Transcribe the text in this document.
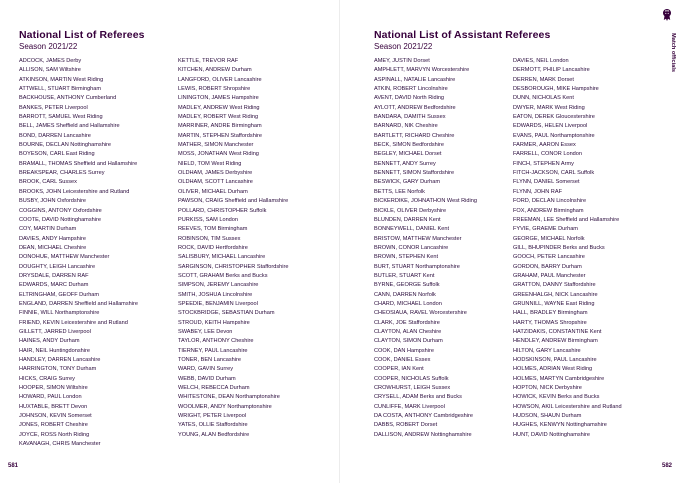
National List of Referees
Season 2021/22
ADCOCK, JAMES Derby
ALLISON, SAM Wiltshire
ATKINSON, MARTIN West Riding
ATTWELL, STUART Birmingham
BACKHOUSE, ANTHONY Cumberland
BANKES, PETER Liverpool
BARROTT, SAMUEL West Riding
BELL, JAMES Sheffield and Hallamshire
BOND, DARREN Lancashire
BOURNE, DECLAN Nottinghamshire
BOYESON, CARL East Riding
BRAMALL, THOMAS Sheffield and Hallamshire
BREAKSPEAR, CHARLES Surrey
BROOK, CARL Sussex
BROOKS, JOHN Leicestershire and Rutland
BUSBY, JOHN Oxfordshire
COGGINS, ANTONY Oxfordshire
COOTE, DAVID Nottinghamshire
COY, MARTIN Durham
DAVIES, ANDY Hampshire
DEAN, MICHAEL Cheshire
DONOHUE, MATTHEW Manchester
DOUGHTY, LEIGH Lancashire
DRYSDALE, DARREN RAF
EDWARDS, MARC Durham
ELTRINGHAM, GEOFF Durham
ENGLAND, DARREN Sheffield and Hallamshire
FINNIE, WILL Northamptonshire
FRIEND, KEVIN Leicestershire and Rutland
GILLETT, JARRED Liverpool
HAINES, ANDY Durham
HAIR, NEIL Huntingdonshire
HANDLEY, DARREN Lancashire
HARRINGTON, TONY Durham
HICKS, CRAIG Surrey
HOOPER, SIMON Wiltshire
HOWARD, PAUL London
HUXTABLE, BRETT Devon
JOHNSON, KEVIN Somerset
JONES, ROBERT Cheshire
JOYCE, ROSS North Riding
KAVANAGH, CHRIS Manchester
KETTLE, TREVOR RAF
KITCHEN, ANDREW Durham
LANGFORD, OLIVER Lancashire
LEWIS, ROBERT Shropshire
LININGTON, JAMES Hampshire
MADLEY, ANDREW West Riding
MADLEY, ROBERT West Riding
MARRINER, ANDRE Birmingham
MARTIN, STEPHEN Staffordshire
MATHER, SIMON Manchester
MOSS, JONATHAN West Riding
NIELD, TOM West Riding
OLDHAM, JAMES Derbyshire
OLDHAM, SCOTT Lancashire
OLIVER, MICHAEL Durham
PAWSON, CRAIG Sheffield and Hallamshire
POLLARD, CHRISTOPHER Suffolk
PURKISS, SAM London
REEVES, TOM Birmingham
ROBINSON, TIM Sussex
ROCK, DAVID Hertfordshire
SALISBURY, MICHAEL Lancashire
SARGINSON, CHRISTOPHER Staffordshire
SCOTT, GRAHAM Berks and Bucks
SIMPSON, JEREMY Lancashire
SMITH, JOSHUA Lincolnshire
SPEEDIE, BENJAMIN Liverpool
STOCKBRIDGE, SEBASTIAN Durham
STROUD, KEITH Hampshire
SWABEY, LEE Devon
TAYLOR, ANTHONY Cheshire
TIERNEY, PAUL Lancashire
TONER, BEN Lancashire
WARD, GAVIN Surrey
WEBB, DAVID Durham
WELCH, REBECCA Durham
WHITESTONE, DEAN Northamptonshire
WOOLMER, ANDY Northamptonshire
WRIGHT, PETER Liverpool
YATES, OLLIE Staffordshire
YOUNG, ALAN Bedfordshire
581
National List of Assistant Referees
Season 2021/22
AMEY, JUSTIN Dorset
AMPHLETT, MARVYN Worcestershire
ASPINALL, NATALIE Lancashire
ATKIN, ROBERT Lincolnshire
AVENT, DAVID North Riding
AYLOTT, ANDREW Bedfordshire
BANDARA, DAMITH Sussex
BARNARD, NIK Cheshire
BARTLETT, RICHARD Cheshire
BECK, SIMON Bedfordshire
BEGLEY, MICHAEL Dorset
BENNETT, ANDY Surrey
BENNETT, SIMON Staffordshire
BESWICK, GARY Durham
BETTS, LEE Norfolk
BICKERDIKE, JOHNATHON West Riding
BICKLE, OLIVER Derbyshire
BLUNDEN, DARREN Kent
BONNEYWELL, DANIEL Kent
BRISTOW, MATTHEW Manchester
BROWN, CONOR Lancashire
BROWN, STEPHEN Kent
BURT, STUART Northamptonshire
BUTLER, STUART Kent
BYRNE, GEORGE Suffolk
CANN, DARREN Norfolk
CHARD, MICHAEL London
CHEOSIAUA, RAVEL Worcestershire
CLARK, JOE Staffordshire
CLAYTON, ALAN Cheshire
CLAYTON, SIMON Durham
COOK, DAN Hampshire
COOK, DANIEL Essex
COOPER, IAN Kent
COOPER, NICHOLAS Suffolk
CROWHURST, LEIGH Sussex
CRYSELL, ADAM Berks and Bucks
CUNLIFFE, MARK Liverpool
DA COSTA, ANTHONY Cambridgeshire
DABBS, ROBERT Dorset
DALLISON, ANDREW Nottinghamshire
DAVIES, NEIL London
DERMOTT, PHILIP Lancashire
DERREN, MARK Dorset
DESBOROUGH, MIKE Hampshire
DUNN, NICHOLAS Kent
DWYER, MARK West Riding
EATON, DEREK Gloucestershire
EDWARDS, HELEN Liverpool
EVANS, PAUL Northamptonshire
FARMER, AARON Essex
FARRELL, CONOR London
FINCH, STEPHEN Army
FITCH-JACKSON, CARL Suffolk
FLYNN, DANIEL Somerset
FLYNN, JOHN RAF
FORD, DECLAN Lincolnshire
FOX, ANDREW Birmingham
FREEMAN, LEE Sheffield and Hallamshire
FYVIE, GRAEME Durham
GEORGE, MICHAEL Norfolk
GILL, BHUPINDER Berks and Bucks
GOOCH, PETER Lancashire
GORDON, BARRY Durham
GRAHAM, PAUL Manchester
GRATTON, DANNY Staffordshire
GREENHALGH, NICK Lancashire
GRUNNILL, WAYNE East Riding
HALL, BRADLEY Birmingham
HARTY, THOMAS Shropshire
HATZIDAKIS, CONSTANTINE Kent
HENDLEY, ANDREW Birmingham
HILTON, GARY Lancashire
HODSKINSON, PAUL Lancashire
HOLMES, ADRIAN West Riding
HOLMES, MARTYN Cambridgeshire
HOPTON, NICK Derbyshire
HOWICK, KEVIN Berks and Bucks
HOWSON, AKIL Leicestershire and Rutland
HUDSON, SHAUN Durham
HUGHES, KENWYN Nottinghamshire
HUNT, DAVID Nottinghamshire
582
Match officials
